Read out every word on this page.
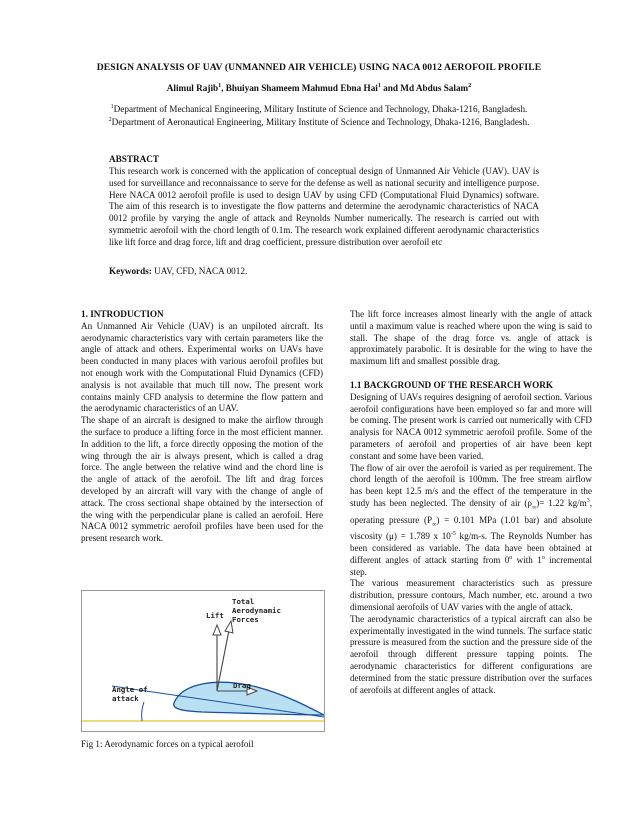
DESIGN ANALYSIS OF UAV (UNMANNED AIR VEHICLE) USING NACA 0012 AEROFOIL PROFILE
Alimul Rajib$^1$, Bhuiyan Shameem Mahmud Ebna Hai$^1$ and Md Abdus Salam$^2$
$^1$Department of Mechanical Engineering, Military Institute of Science and Technology, Dhaka-1216, Bangladesh.
$^2$Department of Aeronautical Engineering, Military Institute of Science and Technology, Dhaka-1216, Bangladesh.
ABSTRACT
This research work is concerned with the application of conceptual design of Unmanned Air Vehicle (UAV). UAV is used for surveillance and reconnaissance to serve for the defense as well as national security and intelligence purpose. Here NACA 0012 aerofoil profile is used to design UAV by using CFD (Computational Fluid Dynamics) software. The aim of this research is to investigate the flow patterns and determine the aerodynamic characteristics of NACA 0012 profile by varying the angle of attack and Reynolds Number numerically. The research is carried out with symmetric aerofoil with the chord length of 0.1m. The research work explained different aerodynamic characteristics like lift force and drag force, lift and drag coefficient, pressure distribution over aerofoil etc
Keywords: UAV, CFD, NACA 0012.

1. INTRODUCTION

An Unmanned Air Vehicle (UAV) is an unpiloted aircraft. Its aerodynamic characteristics vary with certain parameters like the angle of attack and others. Experimental works on UAVs have been conducted in many places with various aerofoil profiles but not enough work with the Computational Fluid Dynamics (CFD) analysis is not available that much till now. The present work contains mainly CFD analysis to determine the flow pattern and the aerodynamic characteristics of an UAV.

The shape of an aircraft is designed to make the airflow through the surface to produce a lifting force in the most efficient manner. In addition to the lift, a force directly opposing the motion of the wing through the air is always present, which is called a drag force. The angle between the relative wind and the chord line is the angle of attack of the aerofoil. The lift and drag forces developed by an aircraft will vary with the change of angle of attack. The cross sectional shape obtained by the intersection of the wing with the perpendicular plane is called an aerofoil. Here NACA 0012 symmetric aerofoil profiles have been used for the present research work.

The lift force increases almost linearly with the angle of attack until a maximum value is reached where upon the wing is said to stall. The shape of the drag force vs. angle of attack is approximately parabolic. It is desirable for the wing to have the maximum lift and smallest possible drag.

1.1 BACKGROUND OF THE RESEARCH WORK

Designing of UAVs requires designing of aerofoil section. Various aerofoil configurations have been employed so far and more will be coming. The present work is carried out numerically with CFD analysis for NACA 0012 symmetric aerofoil profile. Some of the parameters of aerofoil and properties of air have been kept constant and some have been varied.

The flow of air over the aerofoil is varied as per requirement. The chord length of the aerofoil is 100mm. The free stream airflow has been kept 12.5 m/s and the effect of the temperature in the study has been neglected. The density of air $(\rho_\infty)= 1.22$ $kg/m^3$, operating pressure $(P_\infty) = 0.101$ MPa (1.01 bar) and absolute viscosity (μ) = 1.789 x $10^{-5}$ kg/m-s. The Reynolds Number has been considered as variable. The data have been obtained at different angles of attack starting from 0$^o$ with 1$^o$ incremental step.

The various measurement characteristics such as pressure distribution, pressure contours, Mach number, etc. around a two dimensional aerofoils of UAV varies with the angle of attack.

The aerodynamic characteristics of a typical aircraft can also be experimentally investigated in the wind tunnels. The surface static pressure is measured from the suction and the pressure side of the aerofoil through different pressure tapping points. The aerodynamic characteristics for different configurations are determined from the static pressure distribution over the surfaces of aerofoils at different angles of attack.

Total
Aerodynamic
Forces
Lift
Drag
Angle of
attack
Fig 1: Aerodynamic forces on a typical aerofoil
